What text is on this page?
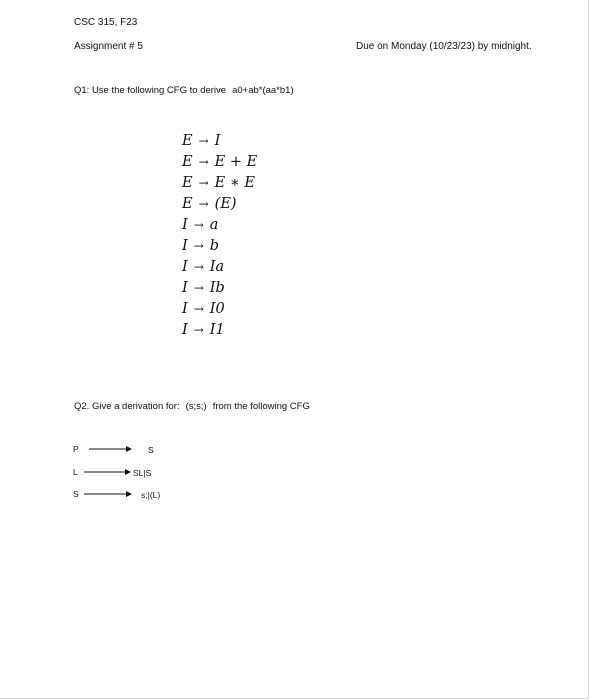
CSC 315, F23
Assignment # 5	Due on Monday (10/23/23) by midnight.
Q1: Use the following CFG to derive a0+ab*(aa*b1)
E → I
E → E + E
E → E ∗ E
E → (E)
I → a
I → b
I → Ia
I → Ib
I → I0
I → I1
Q2. Give a derivation for: (s;s;) from the following CFG
P	S
L	SL|S
S	s;|(L)
